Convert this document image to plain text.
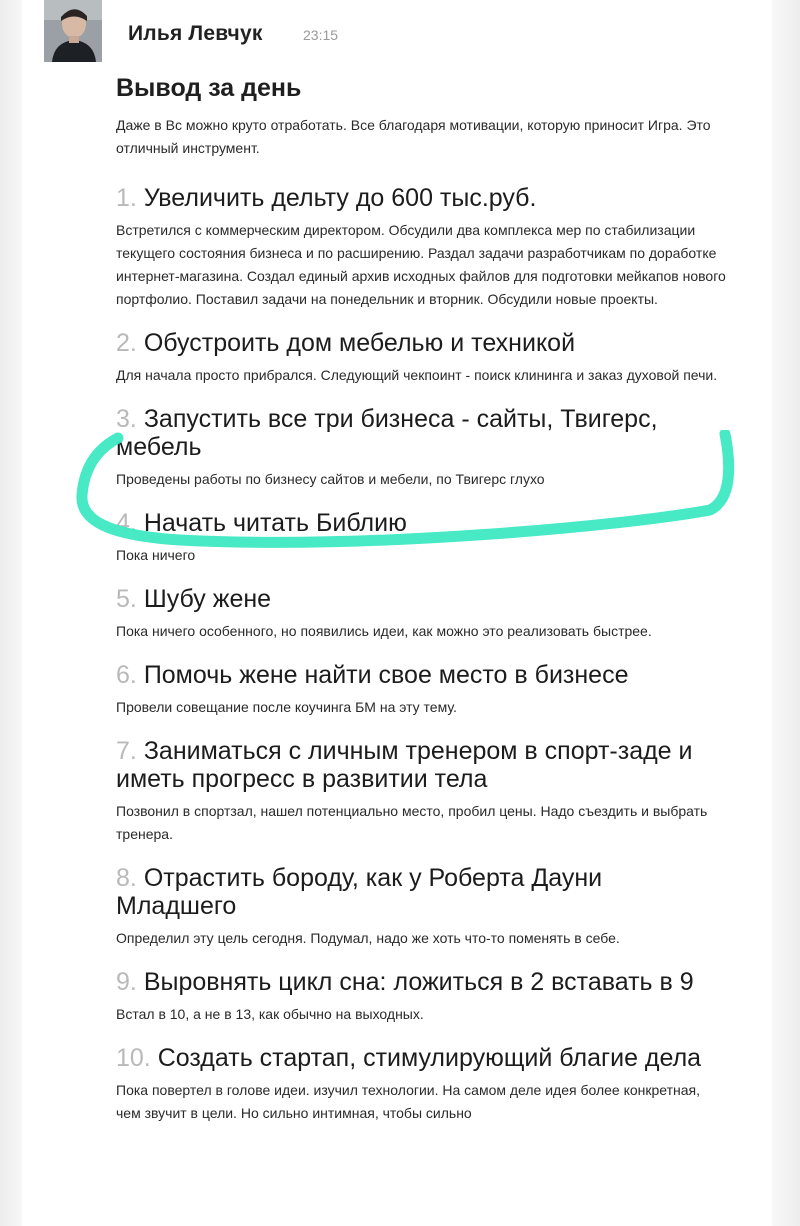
Илья Левчук	23:15
Вывод за день

Даже в Вс можно круто отработать. Все благодаря мотивации, которую приносит Игра. Это отличный инструмент.

1. Увеличить дельту до 600 тыс.руб.

Встретился с коммерческим директором. Обсудили два комплекса мер по стабилизации текущего состояния бизнеса и по расширению. Раздал задачи разработчикам по доработке интернет-магазина. Создал единый архив исходных файлов для подготовки мейкапов нового портфолио. Поставил задачи на понедельник и вторник. Обсудили новые проекты.

2. Обустроить дом мебелью и техникой

Для начала просто прибрался. Следующий чекпоинт - поиск клининга и заказ духовой печи.

3. Запустить все три бизнеса - сайты, Твигерс, мебель

Проведены работы по бизнесу сайтов и мебели, по Твигерс глухо

4. Начать читать Библию

Пока ничего

5. Шубу жене

Пока ничего особенного, но появились идеи, как можно это реализовать быстрее.

6. Помочь жене найти свое место в бизнесе

Провели совещание после коучинга БМ на эту тему.

7. Заниматься с личным тренером в спорт-заде и иметь прогресс в развитии тела

Позвонил в спортзал, нашел потенциально место, пробил цены. Надо съездить и выбрать тренера.

8. Отрастить бороду, как у Роберта Дауни Младшего

Определил эту цель сегодня. Подумал, надо же хоть что-то поменять в себе.

9. Выровнять цикл сна: ложиться в 2 вставать в 9

Встал в 10, а не в 13, как обычно на выходных.

10. Создать стартап, стимулирующий благие дела

Пока повертел в голове идеи. изучил технологии. На самом деле идея более конкретная, чем звучит в цели. Но сильно интимная, чтобы сильно
